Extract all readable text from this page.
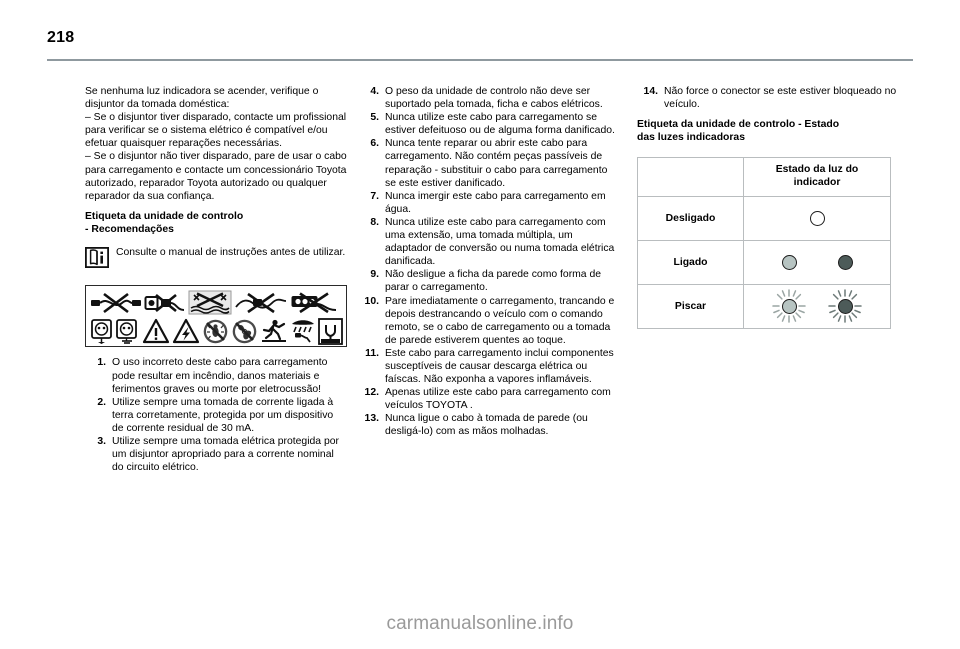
218

Se nenhuma luz indicadora se acender, verifique o disjuntor da tomada doméstica:

– Se o disjuntor tiver disparado, contacte um profissional para verificar se o sistema elétrico é compatível e/ou efetuar quaisquer reparações necessárias.

– Se o disjuntor não tiver disparado, pare de usar o cabo para carregamento e contacte um concessionário Toyota autorizado, reparador Toyota autorizado ou qualquer reparador da sua confiança.

Etiqueta da unidade de controlo

- Recomendações

Consulte o manual de instruções antes de utilizar.
1. O uso incorreto deste cabo para carregamento pode resultar em incêndio, danos materiais e ferimentos graves ou morte por eletrocussão!
2. Utilize sempre uma tomada de corrente ligada à terra corretamente, protegida por um dispositivo de corrente residual de 30 mA.
3. Utilize sempre uma tomada elétrica protegida por um disjuntor apropriado para a corrente nominal do circuito elétrico.
4. O peso da unidade de controlo não deve ser suportado pela tomada, ficha e cabos elétricos.
5. Nunca utilize este cabo para carregamento se estiver defeituoso ou de alguma forma danificado.
6. Nunca tente reparar ou abrir este cabo para carregamento. Não contém peças passíveis de reparação - substituir o cabo para carregamento se este estiver danificado.
7. Nunca imergir este cabo para carregamento em água.
8. Nunca utilize este cabo para carregamento com uma extensão, uma tomada múltipla, um adaptador de conversão ou numa tomada elétrica danificada.
9. Não desligue a ficha da parede como forma de parar o carregamento.
10. Pare imediatamente o carregamento, trancando e depois destrancando o veículo com o comando remoto, se o cabo de carregamento ou a tomada de parede estiverem quentes ao toque.
11. Este cabo para carregamento inclui componentes susceptíveis de causar descarga elétrica ou faíscas. Não exponha a vapores inflamáveis.
12. Apenas utilize este cabo para carregamento com veículos TOYOTA .
13. Nunca ligue o cabo à tomada de parede (ou desligá-lo) com as mãos molhadas.
14. Não force o conector se este estiver bloqueado no veículo.

Etiqueta da unidade de controlo - Estado

das luzes indicadoras

	Estado da luz do
indicador
Desligado	

Ligado	

Piscar	
carmanualsonline.info
